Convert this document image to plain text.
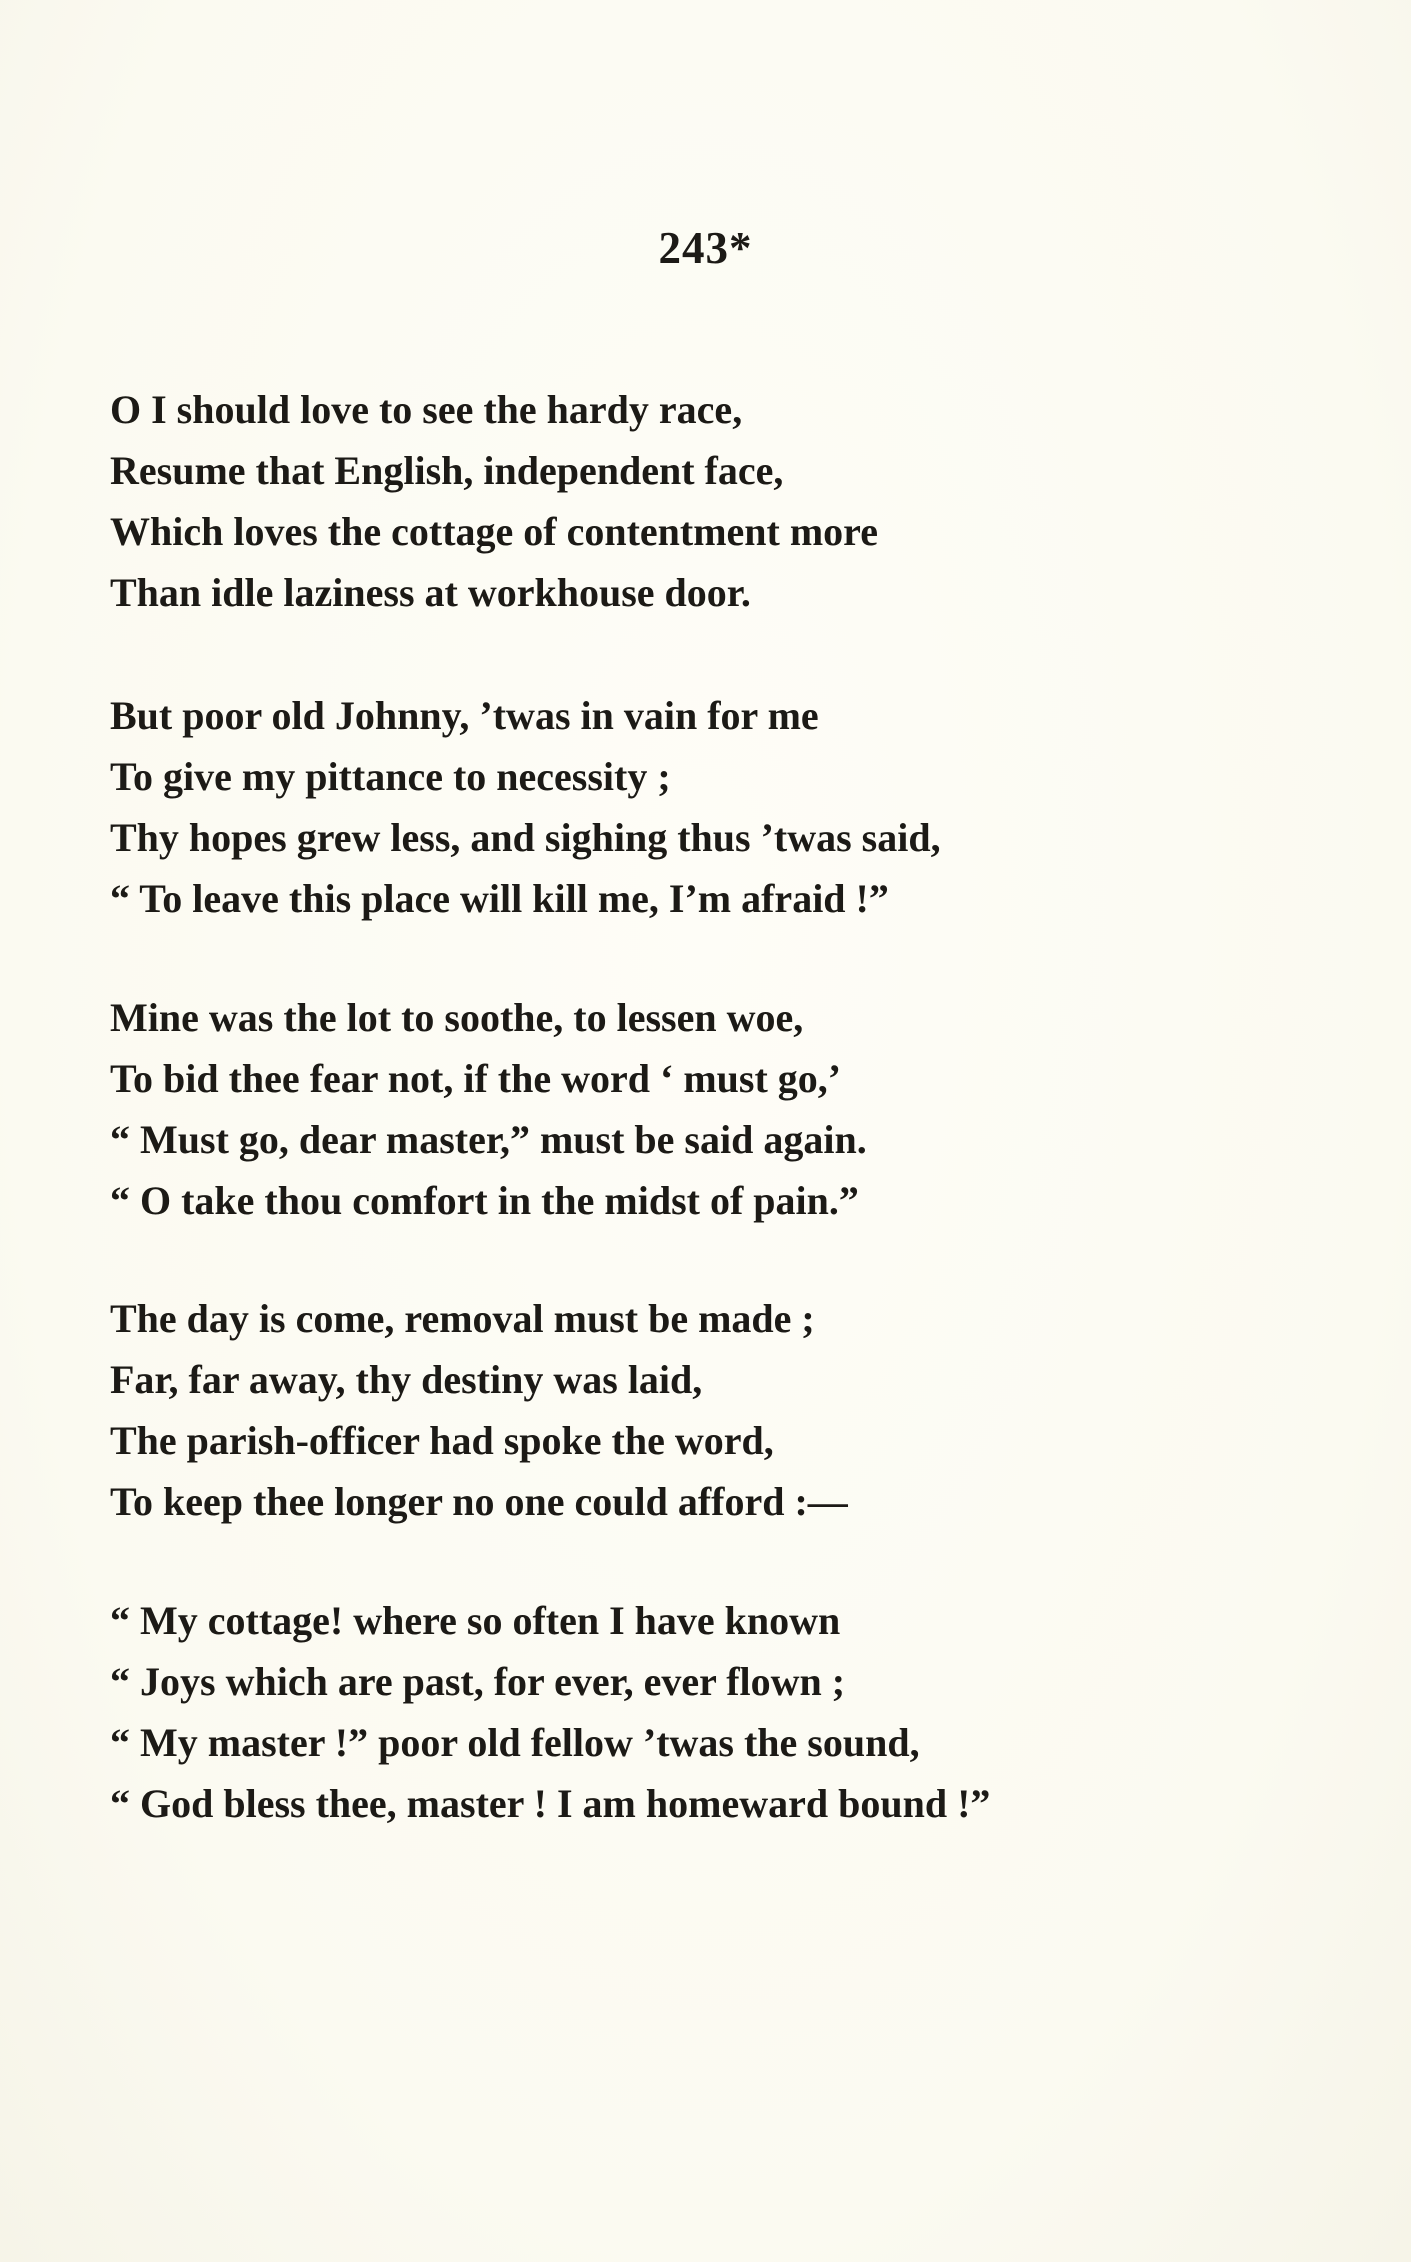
243*
O I should love to see the hardy race,
Resume that English, independent face,
Which loves the cottage of contentment more
Than idle laziness at workhouse door.
But poor old Johnny, ’twas in vain for me
To give my pittance to necessity ;
Thy hopes grew less, and sighing thus ’twas said,
“ To leave this place will kill me, I’m afraid !”
Mine was the lot to soothe, to lessen woe,
To bid thee fear not, if the word ‘ must go,’
“ Must go, dear master,” must be said again.
“ O take thou comfort in the midst of pain.”
The day is come, removal must be made ;
Far, far away, thy destiny was laid,
The parish-officer had spoke the word,
To keep thee longer no one could afford :—
“ My cottage! where so often I have known
“ Joys which are past, for ever, ever flown ;
“ My master !” poor old fellow ’twas the sound,
“ God bless thee, master ! I am homeward bound !”
